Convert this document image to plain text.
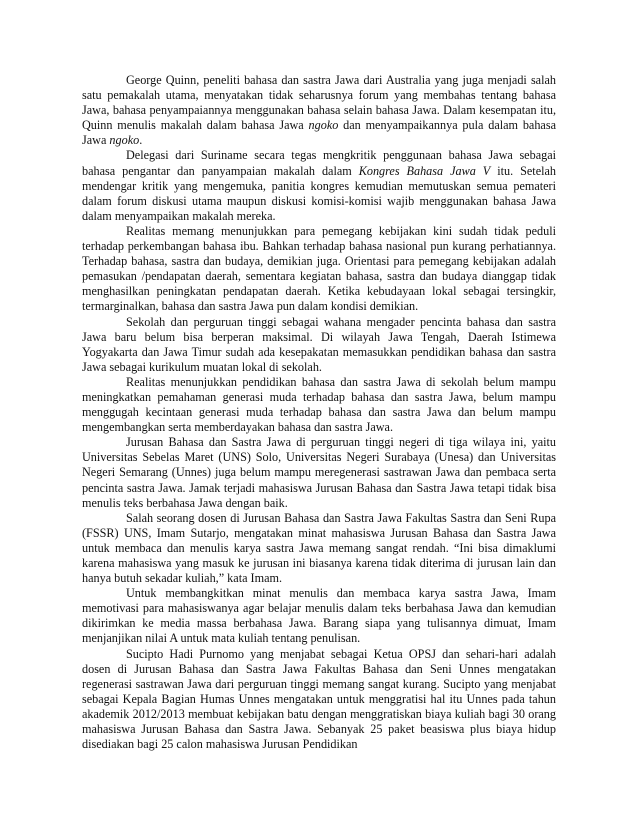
George Quinn, peneliti bahasa dan sastra Jawa dari Australia yang juga menjadi salah satu pemakalah utama, menyatakan tidak seharusnya forum yang membahas tentang bahasa Jawa, bahasa penyampaiannya menggunakan bahasa selain bahasa Jawa. Dalam kesempatan itu, Quinn menulis makalah dalam bahasa Jawa ngoko dan menyampaikannya pula dalam bahasa Jawa ngoko.

Delegasi dari Suriname secara tegas mengkritik penggunaan bahasa Jawa sebagai bahasa pengantar dan panyampaian makalah dalam Kongres Bahasa Jawa V itu. Setelah mendengar kritik yang mengemuka, panitia kongres kemudian memutuskan semua pemateri dalam forum diskusi utama maupun diskusi komisi-komisi wajib menggunakan bahasa Jawa dalam menyampaikan makalah mereka.

Realitas memang menunjukkan para pemegang kebijakan kini sudah tidak peduli terhadap perkembangan bahasa ibu. Bahkan terhadap bahasa nasional pun kurang perhatiannya. Terhadap bahasa, sastra dan budaya, demikian juga. Orientasi para pemegang kebijakan adalah pemasukan /pendapatan daerah, sementara kegiatan bahasa, sastra dan budaya dianggap tidak menghasilkan peningkatan pendapatan daerah. Ketika kebudayaan lokal sebagai tersingkir, termarginalkan, bahasa dan sastra Jawa pun dalam kondisi demikian.

Sekolah dan perguruan tinggi sebagai wahana mengader pencinta bahasa dan sastra Jawa baru belum bisa berperan maksimal. Di wilayah Jawa Tengah, Daerah Istimewa Yogyakarta dan Jawa Timur sudah ada kesepakatan memasukkan pendidikan bahasa dan sastra Jawa sebagai kurikulum muatan lokal di sekolah.

Realitas menunjukkan pendidikan bahasa dan sastra Jawa di sekolah belum mampu meningkatkan pemahaman generasi muda terhadap bahasa dan sastra Jawa, belum mampu menggugah kecintaan generasi muda terhadap bahasa dan sastra Jawa dan belum mampu mengembangkan serta memberdayakan bahasa dan sastra Jawa.

Jurusan Bahasa dan Sastra Jawa di perguruan tinggi negeri di tiga wilaya ini, yaitu Universitas Sebelas Maret (UNS) Solo, Universitas Negeri Surabaya (Unesa) dan Universitas Negeri Semarang (Unnes) juga belum mampu meregenerasi sastrawan Jawa dan pembaca serta pencinta sastra Jawa. Jamak terjadi mahasiswa Jurusan Bahasa dan Sastra Jawa tetapi tidak bisa menulis teks berbahasa Jawa dengan baik.

Salah seorang dosen di Jurusan Bahasa dan Sastra Jawa Fakultas Sastra dan Seni Rupa (FSSR) UNS, Imam Sutarjo, mengatakan minat mahasiswa Jurusan Bahasa dan Sastra Jawa untuk membaca dan menulis karya sastra Jawa memang sangat rendah. “Ini bisa dimaklumi karena mahasiswa yang masuk ke jurusan ini biasanya karena tidak diterima di jurusan lain dan hanya butuh sekadar kuliah,” kata Imam.

Untuk membangkitkan minat menulis dan membaca karya sastra Jawa, Imam memotivasi para mahasiswanya agar belajar menulis dalam teks berbahasa Jawa dan kemudian dikirimkan ke media massa berbahasa Jawa. Barang siapa yang tulisannya dimuat, Imam menjanjikan nilai A untuk mata kuliah tentang penulisan.

Sucipto Hadi Purnomo yang menjabat sebagai Ketua OPSJ dan sehari-hari adalah dosen di Jurusan Bahasa dan Sastra Jawa Fakultas Bahasa dan Seni Unnes mengatakan regenerasi sastrawan Jawa dari perguruan tinggi memang sangat kurang. Sucipto yang menjabat sebagai Kepala Bagian Humas Unnes mengatakan untuk menggratisi hal itu Unnes pada tahun akademik 2012/2013 membuat kebijakan batu dengan menggratiskan biaya kuliah bagi 30 orang mahasiswa Jurusan Bahasa dan Sastra Jawa. Sebanyak 25 paket beasiswa plus biaya hidup disediakan bagi 25 calon mahasiswa Jurusan Pendidikan
